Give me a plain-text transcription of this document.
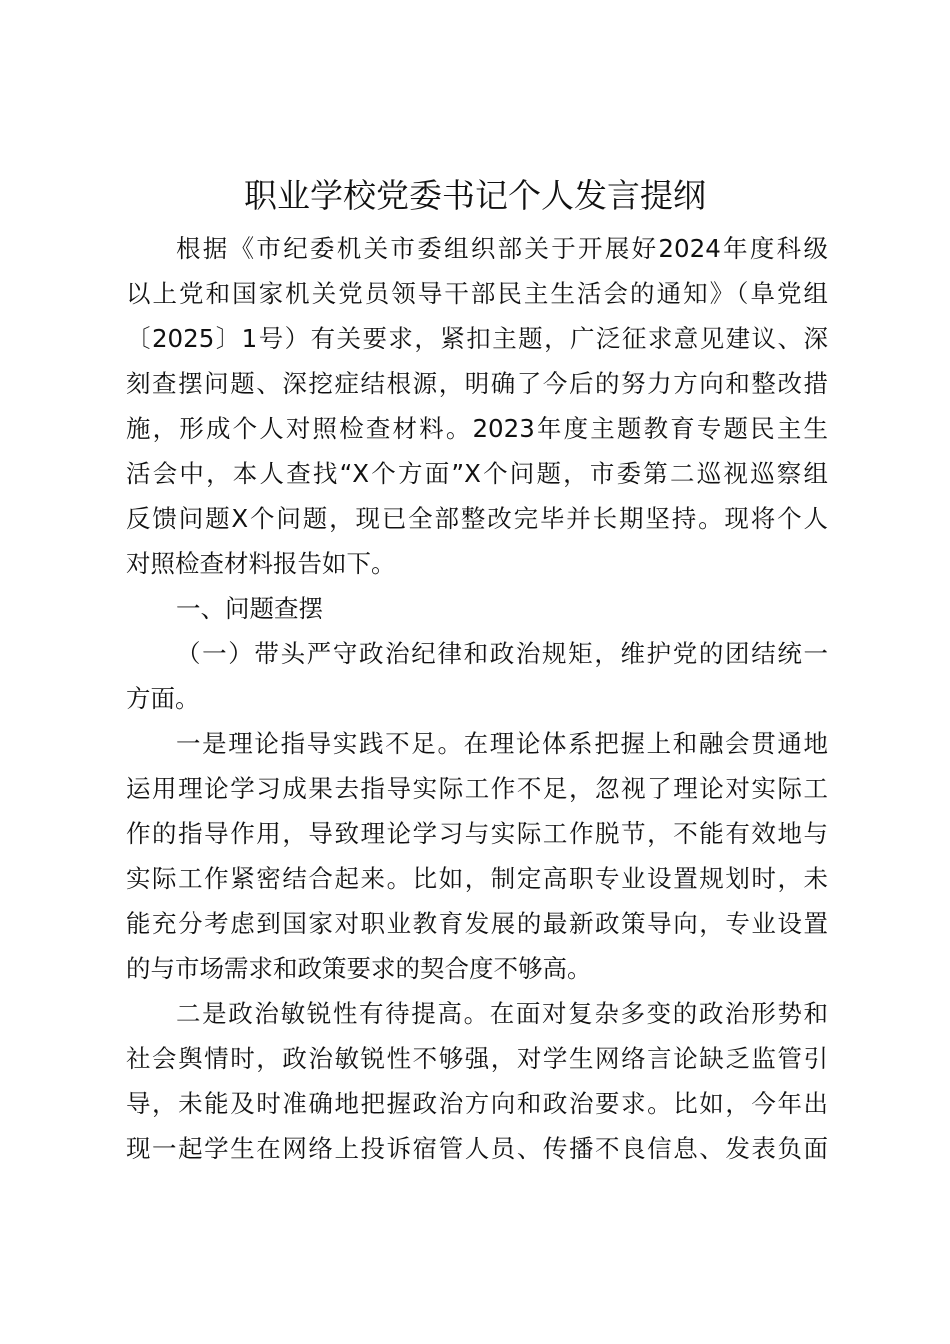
职业学校党委书记个人发言提纲
根据《市纪委机关市委组织部关于开展好2024年度科级
以上党和国家机关党员领导干部民主生活会的通知》（阜党组
〔2025〕1号）有关要求，紧扣主题，广泛征求意见建议、深
刻查摆问题、深挖症结根源，明确了今后的努力方向和整改措
施，形成个人对照检查材料。2023年度主题教育专题民主生
活会中，本人查找“X个方面”X个问题，市委第二巡视巡察组
反馈问题X个问题，现已全部整改完毕并长期坚持。现将个人
对照检查材料报告如下。
一、问题查摆
（一）带头严守政治纪律和政治规矩，维护党的团结统一
方面。
一是理论指导实践不足。在理论体系把握上和融会贯通地
运用理论学习成果去指导实际工作不足，忽视了理论对实际工
作的指导作用，导致理论学习与实际工作脱节，不能有效地与
实际工作紧密结合起来。比如，制定高职专业设置规划时，未
能充分考虑到国家对职业教育发展的最新政策导向，专业设置
的与市场需求和政策要求的契合度不够高。
二是政治敏锐性有待提高。在面对复杂多变的政治形势和
社会舆情时，政治敏锐性不够强，对学生网络言论缺乏监管引
导，未能及时准确地把握政治方向和政治要求。比如，今年出
现一起学生在网络上投诉宿管人员、传播不良信息、发表负面
